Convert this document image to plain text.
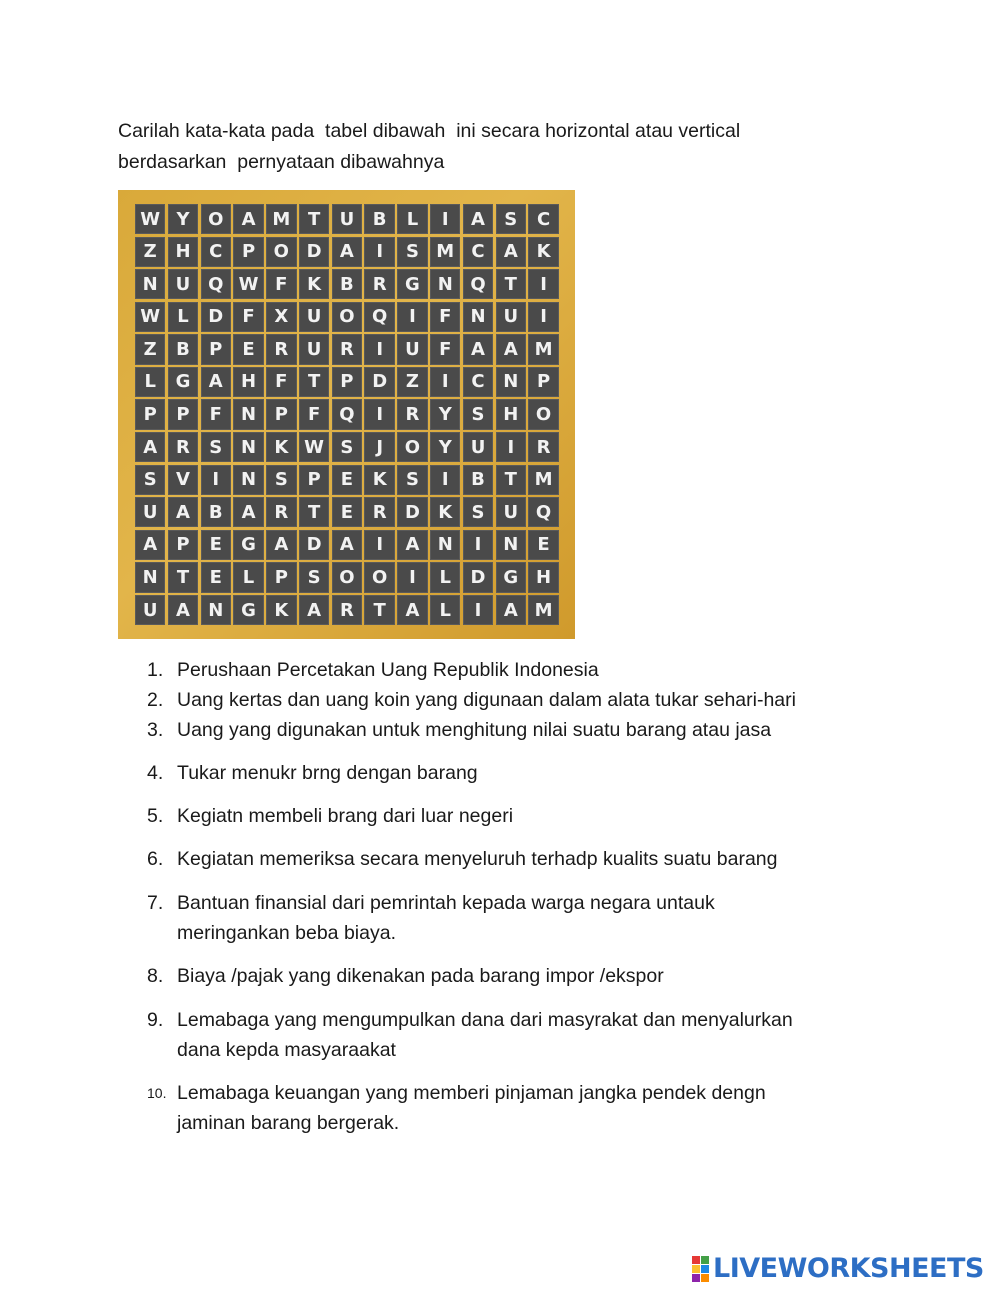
Carilah kata-kata pada  tabel dibawah  ini secara horizontal atau vertical
berdasarkan  pernyataan dibawahnya
W Y	O	A M T	U	B	L	I	A	S	C
Z	H	C	P	O D	A	I	S M C	A	K
N U Q W F	K	B	R	G N Q	T	I
W L	D	F	X	U O Q	I	F	N U	I
Z	B	P	E	R	U	R	I	U	F	A	A M
L	G	A	H	F	T	P	D	Z	I	C	N	P
P	P	F	N	P	F	Q	I	R	Y	S	H O
A	R	S	N	K W S	J	O	Y	U	I	R
S	V	I	N	S	P	E	K	S	I	B	T M
U	A	B	A	R	T	E	R	D	K	S	U Q
A	P	E	G	A	D	A	I	A	N	I	N	E
N	T	E	L	P	S	O O	I	L	D G H
U	A	N G	K	A	R	T	A	L	I	A M
1. Perushaan Percetakan Uang Republik Indonesia
2. Uang kertas dan uang koin yang digunaan dalam alata tukar sehari-hari
3. Uang yang digunakan untuk menghitung nilai suatu barang atau jasa
4. Tukar menukr brng dengan barang
5. Kegiatn membeli brang dari luar negeri
6. Kegiatan memeriksa secara menyeluruh terhadp kualits suatu barang
7. Bantuan finansial dari pemrintah kepada warga negara untauk
meringankan beba biaya.
8. Biaya /pajak yang dikenakan pada barang impor /ekspor
9. Lemabaga yang mengumpulkan dana dari masyrakat dan menyalurkan
dana kepda masyaraakat
10. Lemabaga keuangan yang memberi pinjaman jangka pendek dengn
jaminan barang bergerak.
LIVEWORKSHEETS
